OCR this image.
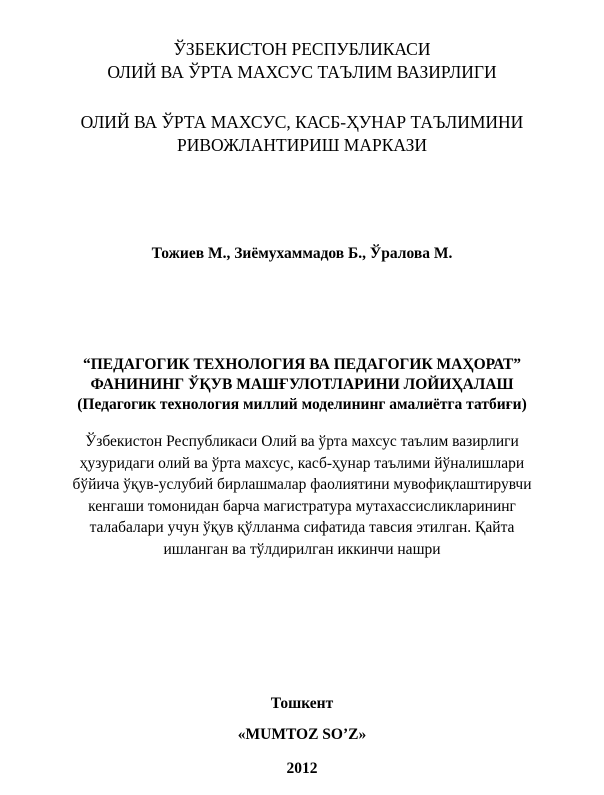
ЎЗБЕКИСТОН РЕСПУБЛИКАСИ
ОЛИЙ ВА ЎРТА МАХСУС ТАЪЛИМ ВАЗИРЛИГИ
ОЛИЙ ВА ЎРТА МАХСУС, КАСБ-ҲУНАР ТАЪЛИМИНИ
РИВОЖЛАНТИРИШ МАРКАЗИ
Тожиев М., Зиёмухаммадов Б., Ўралова М.
“ПЕДАГОГИК ТЕХНОЛОГИЯ ВА ПЕДАГОГИК МАҲОРАТ”
ФАНИНИНГ ЎҚУВ МАШҒУЛОТЛАРИНИ ЛОЙИҲАЛАШ
(Педагогик технология миллий моделининг амалиётга татбиғи)
Ўзбекистон Республикаси Олий ва ўрта махсус таълим вазирлиги
ҳузуридаги олий ва ўрта махсус, касб-ҳунар таълими йўналишлари
бўйича ўқув-услубий бирлашмалар фаолиятини мувофиқлаштирувчи
кенгаши томонидан барча магистратура мутахассисликларининг
талабалари учун ўқув қўлланма сифатида тавсия этилган. Қайта
ишланган ва тўлдирилган иккинчи нашри
Тошкент
«MUMTOZ SO’Z»
2012
